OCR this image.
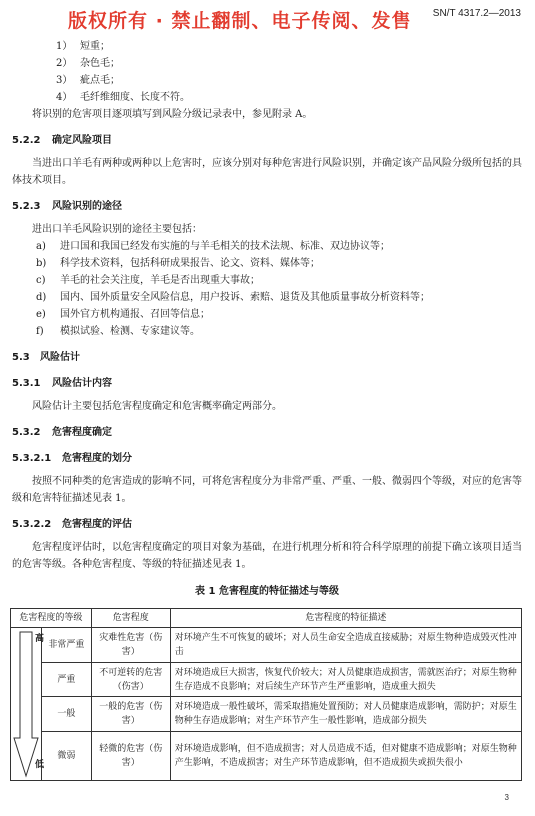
版权所有 · 禁止翻制、电子传阅、发售 SN/T 4317.2—2013
1） 短重；
2） 杂色毛；
3） 疵点毛；
4） 毛纤维细度、长度不符。

将识别的危害项目逐项填写到风险分级记录表中，参见附录 A。

5.2.2 确定风险项目

当进出口羊毛有两种或两种以上危害时，应该分别对每种危害进行风险识别，并确定该产品风险分级所包括的具体技术项目。

5.2.3 风险识别的途径

进出口羊毛风险识别的途径主要包括：

a) 进口国和我国已经发布实施的与羊毛相关的技术法规、标准、双边协议等；
b) 科学技术资料，包括科研成果报告、论文、资料、媒体等；
c) 羊毛的社会关注度，羊毛是否出现重大事故；
d) 国内、国外质量安全风险信息，用户投诉、索赔、退货及其他质量事故分析资料等；
e) 国外官方机构通报、召回等信息；
f) 模拟试验、检测、专家建议等。
5.3 风险估计
5.3.1 风险估计内容

风险估计主要包括危害程度确定和危害概率确定两部分。

5.3.2 危害程度确定
5.3.2.1 危害程度的划分

按照不同种类的危害造成的影响不同，可将危害程度分为非常严重、严重、一般、微弱四个等级，对应的危害等级和危害特征描述见表 1。

5.3.2.2 危害程度的评估

危害程度评估时，以危害程度确定的项目对象为基础，在进行机理分析和符合科学原理的前提下确立该项目适当的危害等级。各种危害程度、等级的特征描述见表 1。

表 1 危害程度的特征描述与等级
危害程度的等级		危害程度	危害程度的特征描述

高
低	非常严重	灾难性危害（伤害）	对环境产生不可恢复的破坏；对人员生命安全造成直接威胁；对原生物种造成毁灭性冲击
	严重	不可逆转的危害（伤害）	对环境造成巨大损害，恢复代价较大；对人员健康造成损害，需就医治疗；对原生物种生存造成不良影响；对后续生产环节产生严重影响，造成重大损失
	一般	一般的危害（伤害）	对环境造成一般性破坏，需采取措施处置预防；对人员健康造成影响，需防护；对原生物种生存造成影响；对生产环节产生一般性影响，造成部分损失
	微弱	轻微的危害（伤害）	对环境造成影响，但不造成损害；对人员造成不适，但对健康不造成影响；对原生物种产生影响，不造成损害；对生产环节造成影响，但不造成损失或损失很小
3
